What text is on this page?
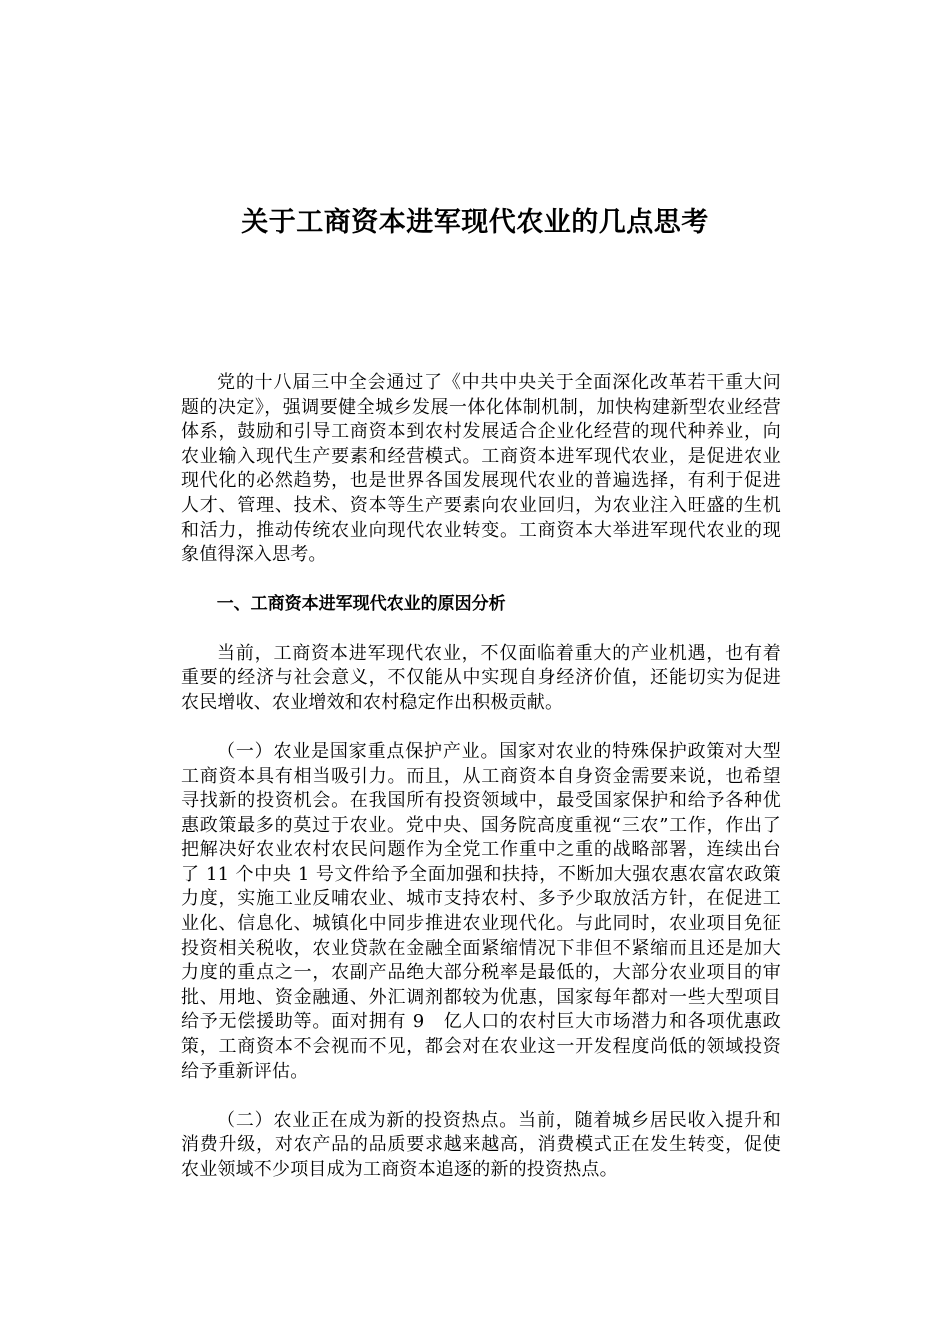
关于工商资本进军现代农业的几点思考

党的十八届三中全会通过了《中共中央关于全面深化改革若干重大问题的决定》，强调要健全城乡发展一体化体制机制，加快构建新型农业经营体系，鼓励和引导工商资本到农村发展适合企业化经营的现代种养业，向农业输入现代生产要素和经营模式。工商资本进军现代农业，是促进农业现代化的必然趋势，也是世界各国发展现代农业的普遍选择，有利于促进人才、管理、技术、资本等生产要素向农业回归，为农业注入旺盛的生机和活力，推动传统农业向现代农业转变。工商资本大举进军现代农业的现象值得深入思考。

一、工商资本进军现代农业的原因分析

当前，工商资本进军现代农业，不仅面临着重大的产业机遇，也有着重要的经济与社会意义，不仅能从中实现自身经济价值，还能切实为促进农民增收、农业增效和农村稳定作出积极贡献。

（一）农业是国家重点保护产业。国家对农业的特殊保护政策对大型工商资本具有相当吸引力。而且，从工商资本自身资金需要来说，也希望寻找新的投资机会。在我国所有投资领域中，最受国家保护和给予各种优惠政策最多的莫过于农业。党中央、国务院高度重视“三农”工作，作出了把解决好农业农村农民问题作为全党工作重中之重的战略部署，连续出台了 11 个中央 1 号文件给予全面加强和扶持，不断加大强农惠农富农政策力度，实施工业反哺农业、城市支持农村、多予少取放活方针，在促进工业化、信息化、城镇化中同步推进农业现代化。与此同时，农业项目免征投资相关税收，农业贷款在金融全面紧缩情况下非但不紧缩而且还是加大力度的重点之一，农副产品绝大部分税率是最低的，大部分农业项目的审批、用地、资金融通、外汇调剂都较为优惠，国家每年都对一些大型项目给予无偿援助等。面对拥有 9　亿人口的农村巨大市场潜力和各项优惠政策，工商资本不会视而不见，都会对在农业这一开发程度尚低的领域投资给予重新评估。

（二）农业正在成为新的投资热点。当前，随着城乡居民收入提升和消费升级，对农产品的品质要求越来越高，消费模式正在发生转变，促使农业领域不少项目成为工商资本追逐的新的投资热点。
